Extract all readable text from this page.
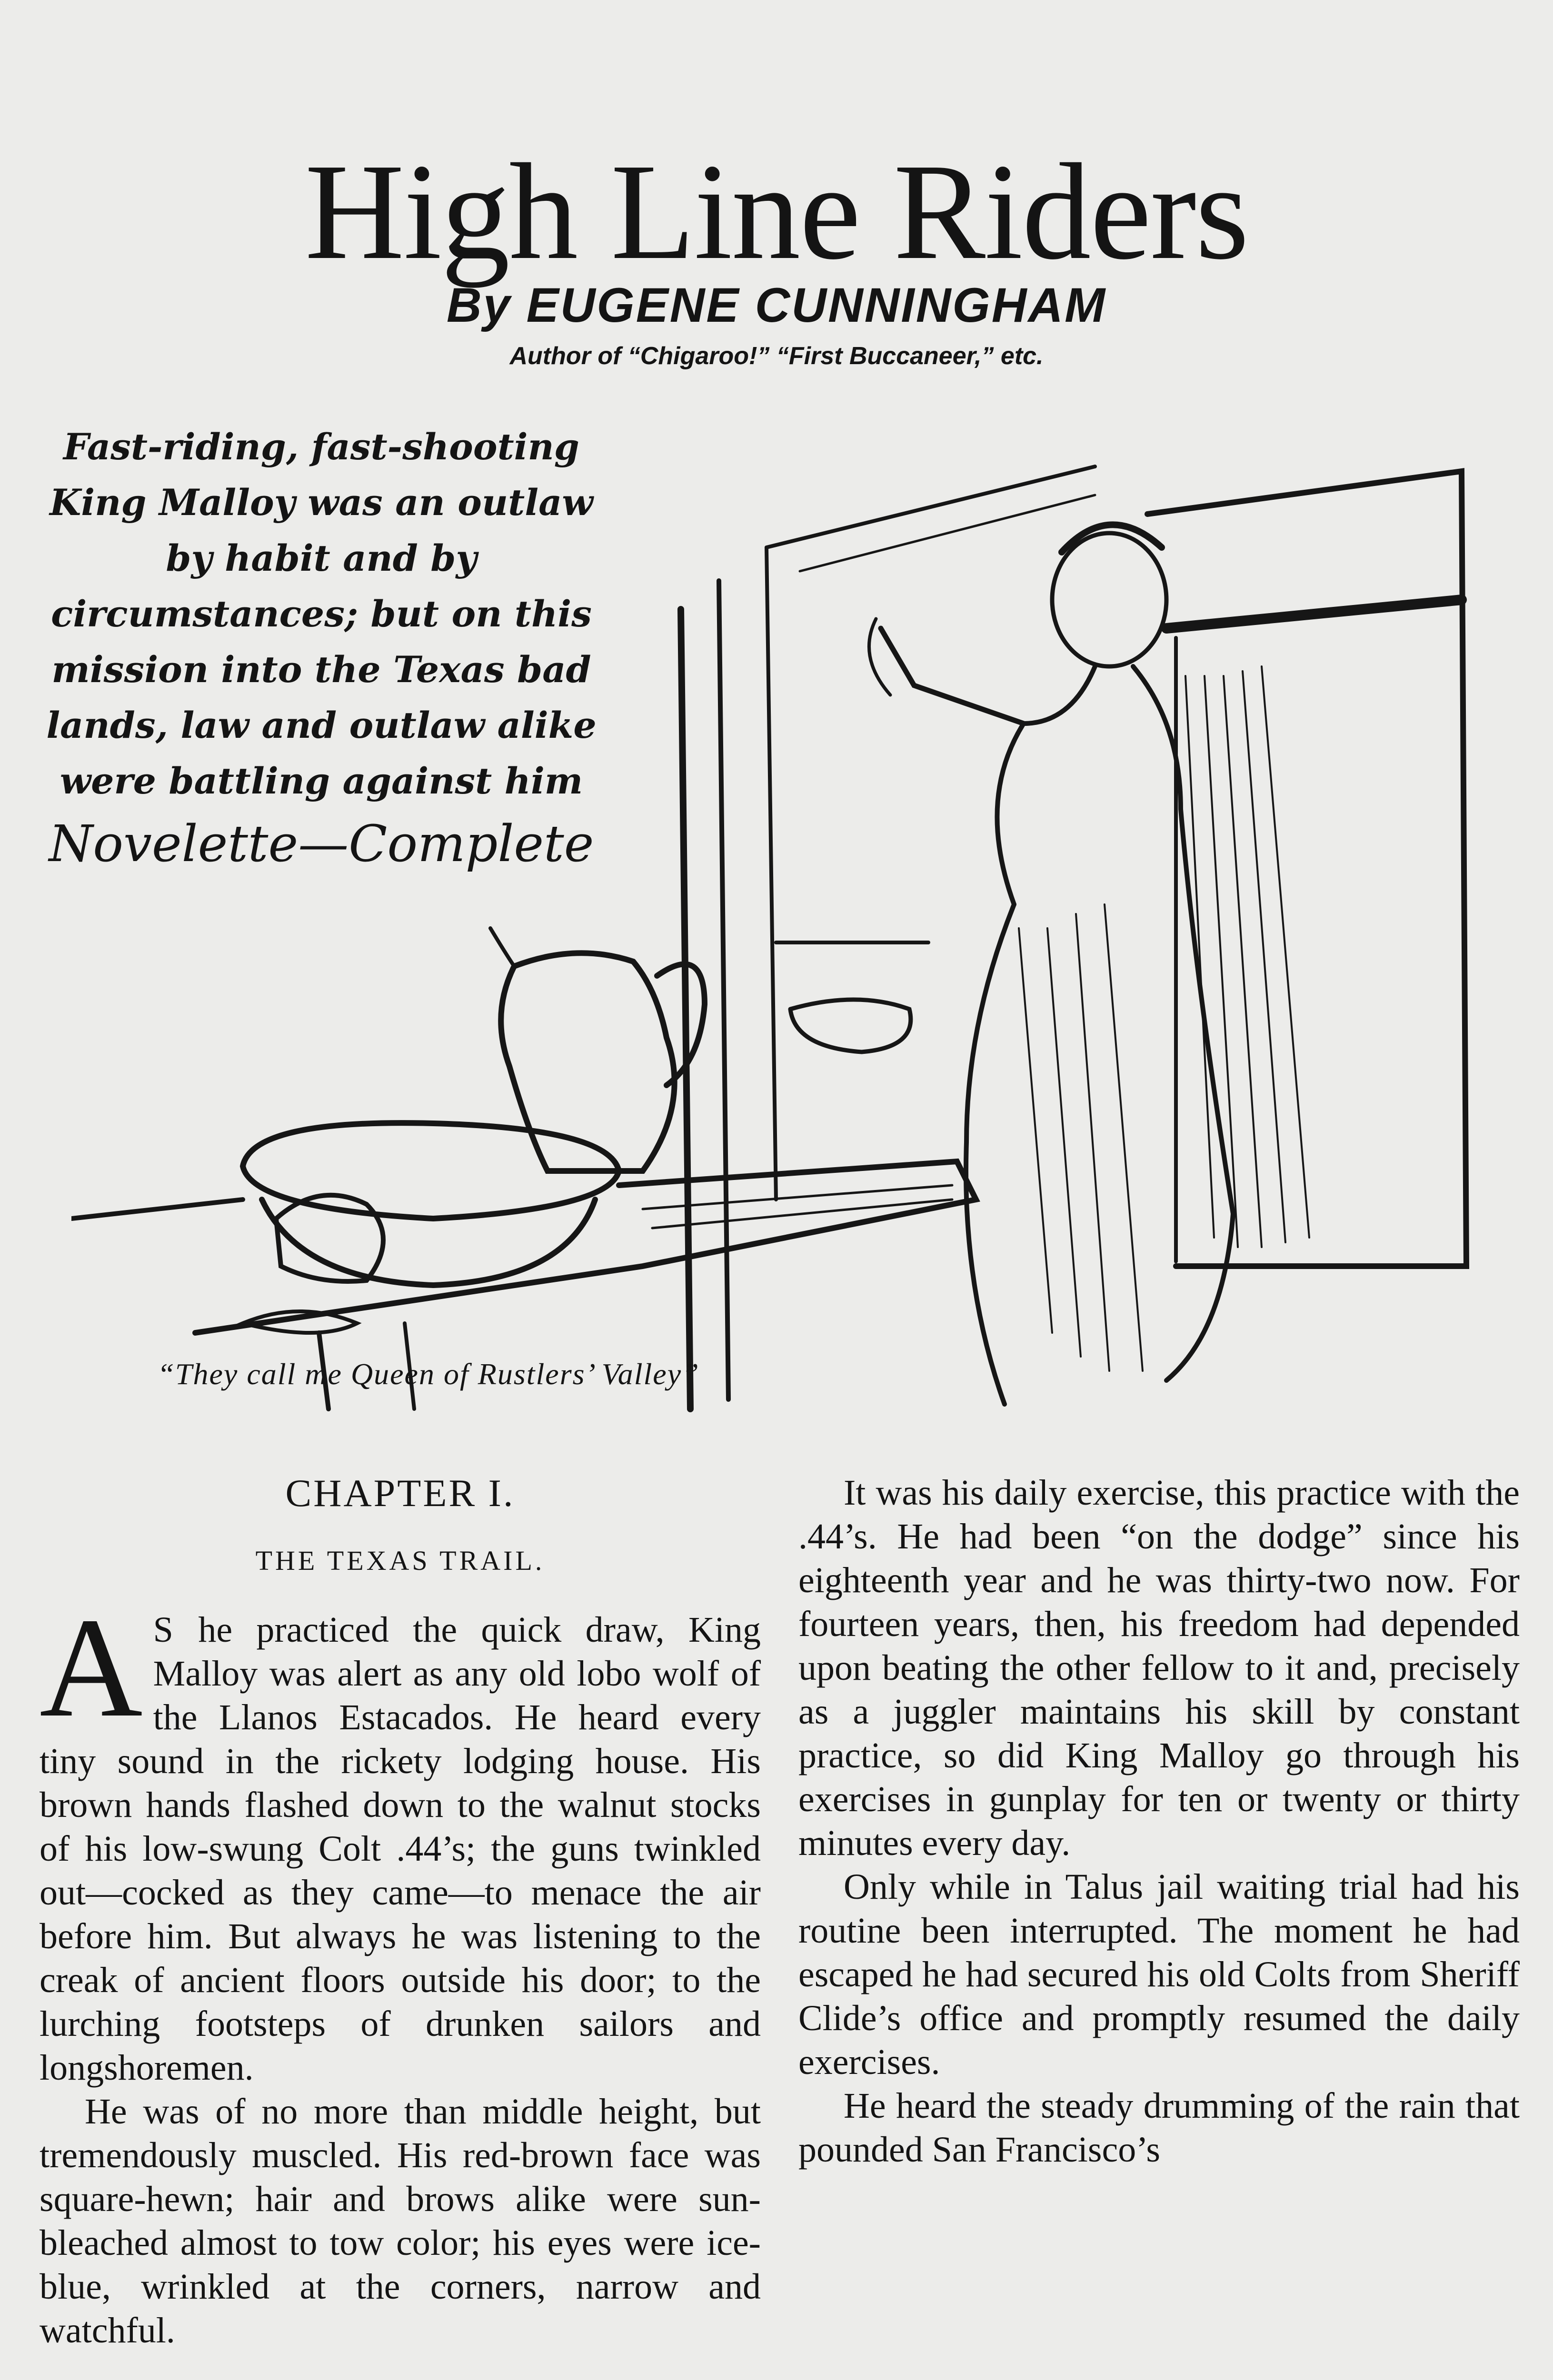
High Line Riders
By EUGENE CUNNINGHAM
Author of “Chigaroo!” “First Buccaneer,” etc.
“They call me Queen of Rustlers’ Valley”
Fast-riding, fast-shooting King Malloy was an outlaw by habit and by circumstances; but on this mission into the Texas bad lands, law and outlaw alike were battling against him
Novelette—Complete
CHAPTER I.
THE TEXAS TRAIL.

A S he practiced the quick draw, King Malloy was alert as any old lobo wolf of the Llanos Estacados. He heard every tiny sound in the rickety lodging house. His brown hands flashed down to the walnut stocks of his low-swung Colt .44’s; the guns twinkled out—cocked as they came—to menace the air before him. But always he was listening to the creak of ancient floors outside his door; to the lurching footsteps of drunken sailors and longshoremen.

He was of no more than middle height, but tremendously muscled. His red-brown face was square-hewn; hair and brows alike were sun-bleached almost to tow color; his eyes were ice-blue, wrinkled at the corners, narrow and watchful.

It was his daily exercise, this practice with the .44’s. He had been “on the dodge” since his eighteenth year and he was thirty-two now. For fourteen years, then, his freedom had depended upon beating the other fellow to it and, precisely as a juggler maintains his skill by constant practice, so did King Malloy go through his exercises in gunplay for ten or twenty or thirty minutes every day.

Only while in Talus jail waiting trial had his routine been interrupted. The moment he had escaped he had secured his old Colts from Sheriff Clide’s office and promptly resumed the daily exercises.

He heard the steady drumming of the rain that pounded San Francisco’s
